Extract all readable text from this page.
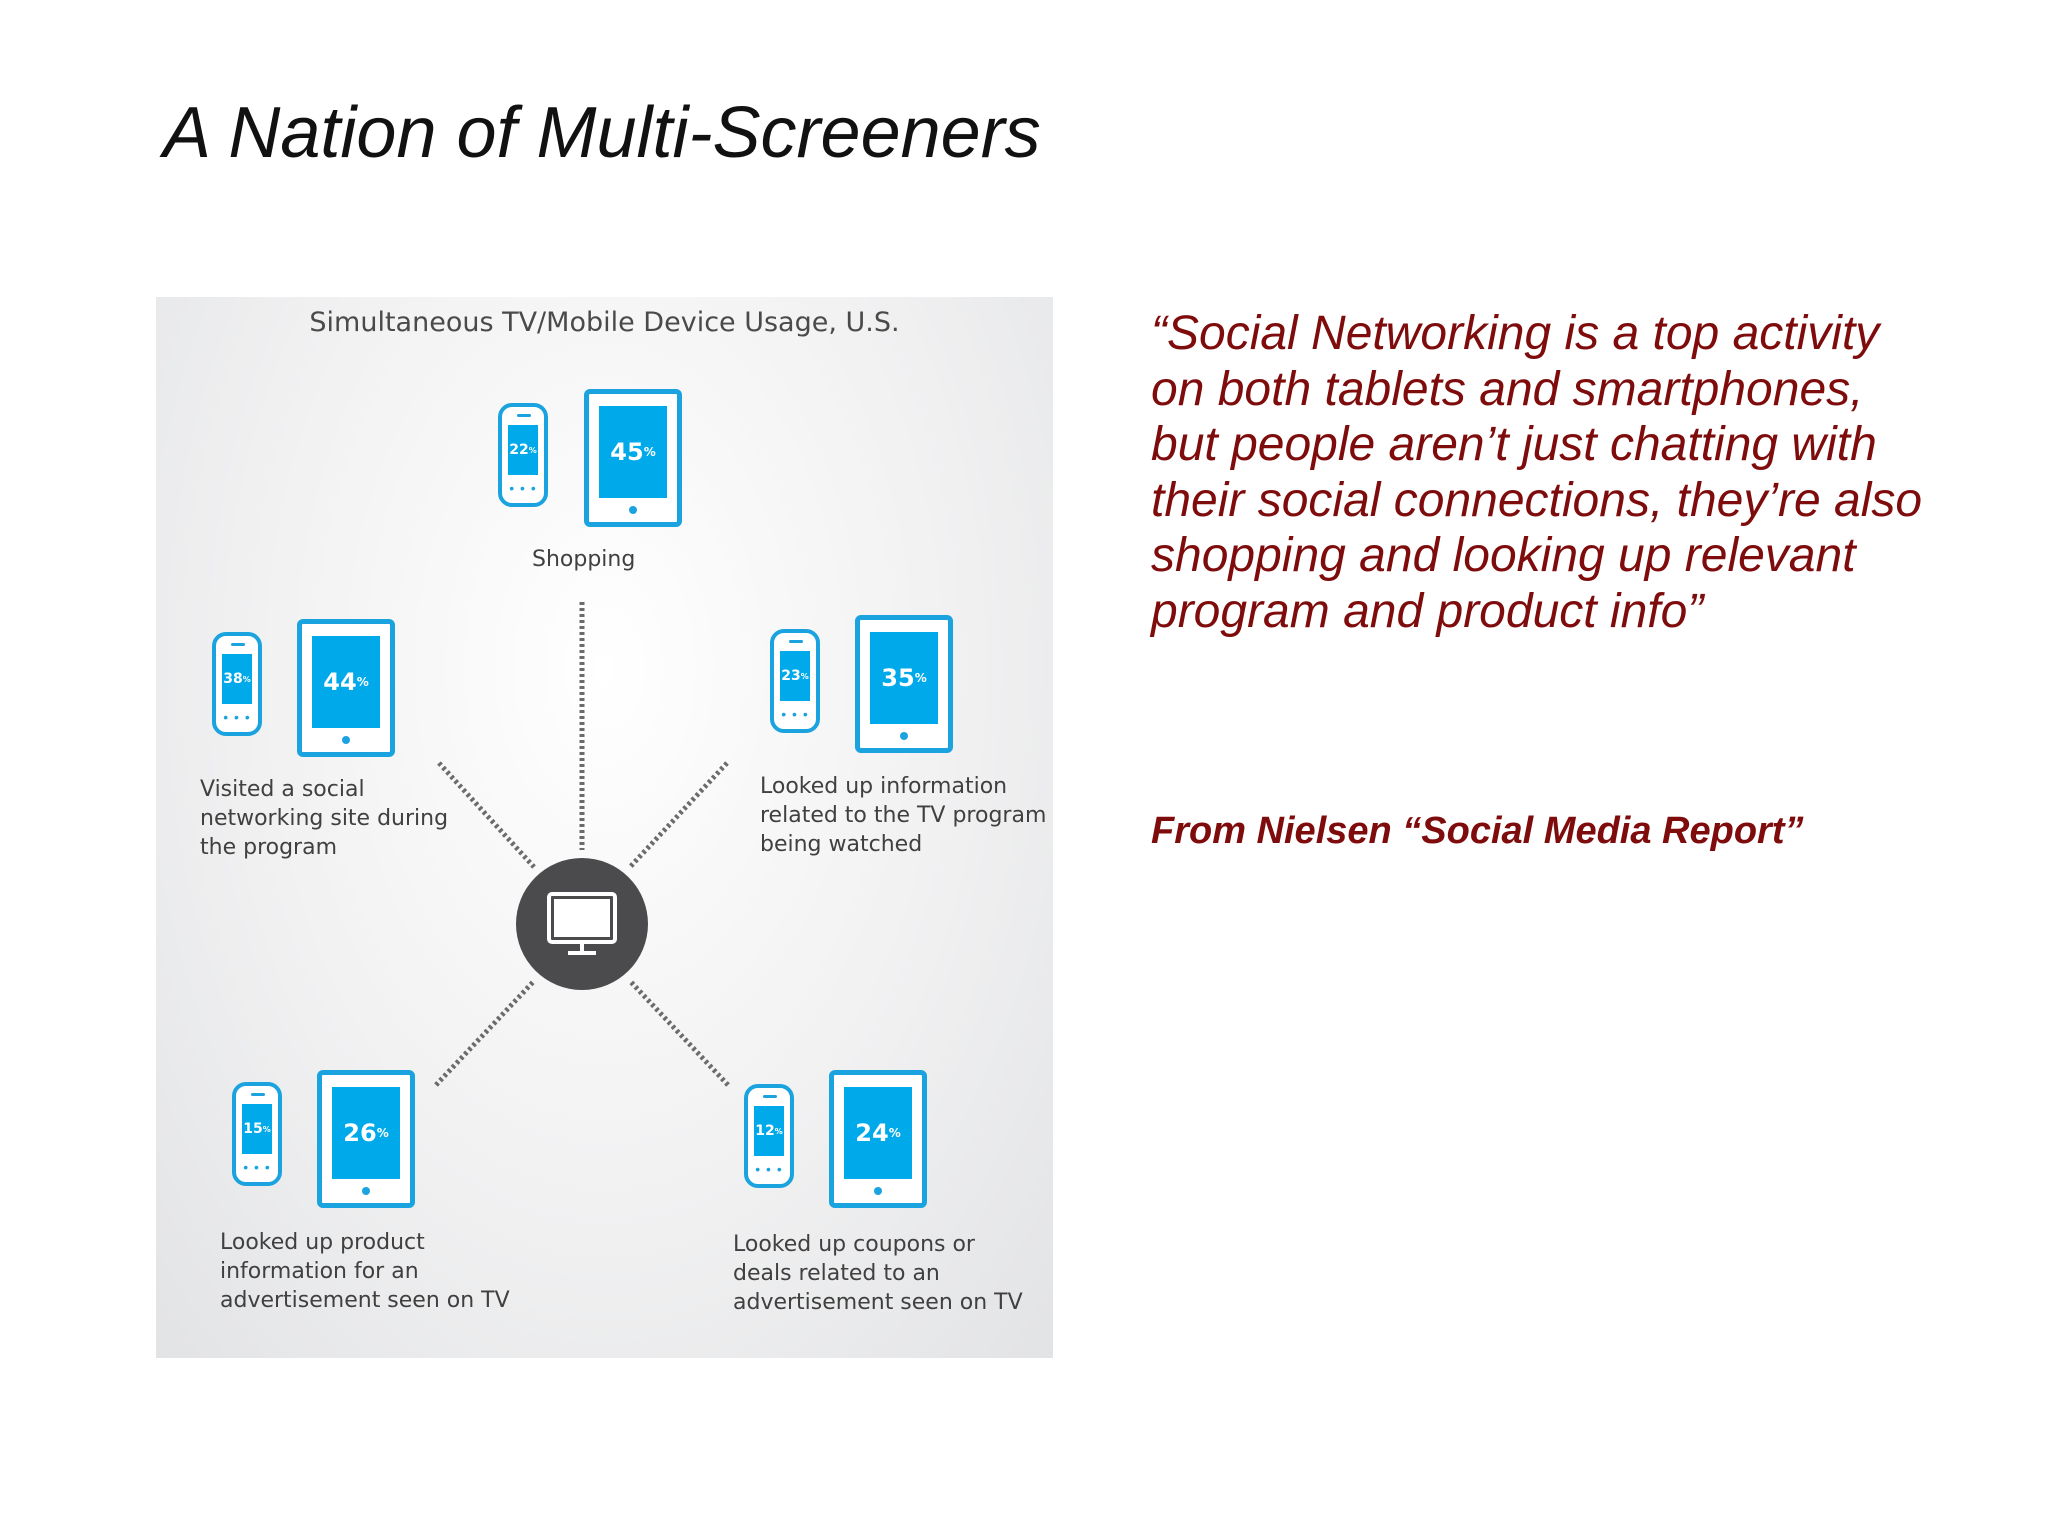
A Nation of Multi-Screeners
Simultaneous TV/Mobile Device Usage, U.S.
22 %
• • •
45 %
Shopping
38 %
• • •
44 %
Visited a social
networking site during
the program
23 %
• • •
35 %
Looked up information
related to the TV program
being watched
15 %
• • •
26 %
Looked up product
information for an
advertisement seen on TV
12 %
• • •
24 %
Looked up coupons or
deals related to an
advertisement seen on TV
“Social Networking is a top activity on both tablets and smartphones, but people aren’t just chatting with their social connections, they’re also shopping and looking up relevant program and product info”
From Nielsen “Social Media Report”
